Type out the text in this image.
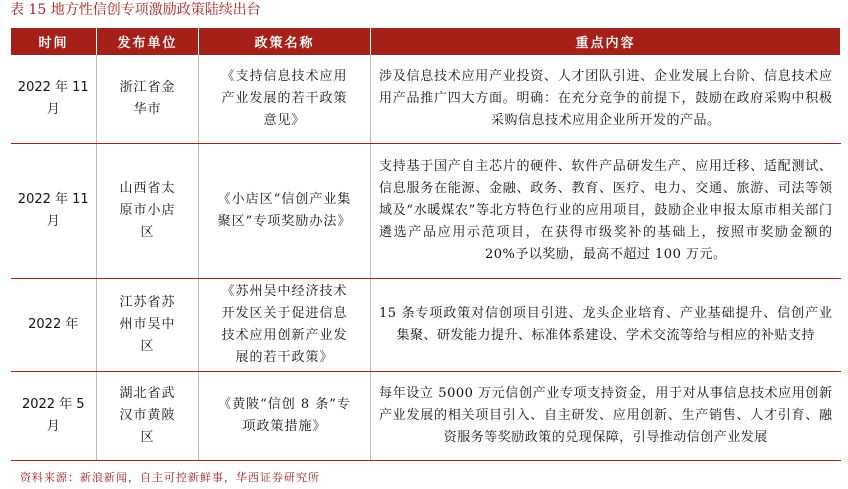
表 15 地方性信创专项激励政策陆续出台
时间	发布单位	政策名称	重点内容
2022 年 11 月	浙江省金华市	《支持信息技术应用产业发展的若干政策意见》	涉及信息技术应用产业投资、人才团队引进、企业发展上台阶、信息技术应用产品推广四大方面。明确：在充分竞争的前提下，鼓励在政府采购中积极采购信息技术应用企业所开发的产品。
2022 年 11 月	山西省太原市小店区	《小店区“信创产业集聚区”专项奖励办法》	支持基于国产自主芯片的硬件、软件产品研发生产、应用迁移、适配测试、信息服务在能源、金融、政务、教育、医疗、电力、交通、旅游、司法等领域及“水暖煤农”等北方特色行业的应用项目，鼓励企业申报太原市相关部门遴选产品应用示范项目，在获得市级奖补的基础上，按照市奖励金额的 20%予以奖励，最高不超过 100 万元。
2022 年	江苏省苏州市吴中区	《苏州吴中经济技术开发区关于促进信息技术应用创新产业发展的若干政策》	15 条专项政策对信创项目引进、龙头企业培育、产业基础提升、信创产业集聚、研发能力提升、标准体系建设、学术交流等给与相应的补贴支持
2022 年 5 月	湖北省武汉市黄陂区	《黄陂“信创 8 条”专项政策措施》	每年设立 5000 万元信创产业专项支持资金，用于对从事信息技术应用创新产业发展的相关项目引入、自主研发、应用创新、生产销售、人才引育、融资服务等奖励政策的兑现保障，引导推动信创产业发展
资料来源：新浪新闻，自主可控新鲜事，华西证券研究所
